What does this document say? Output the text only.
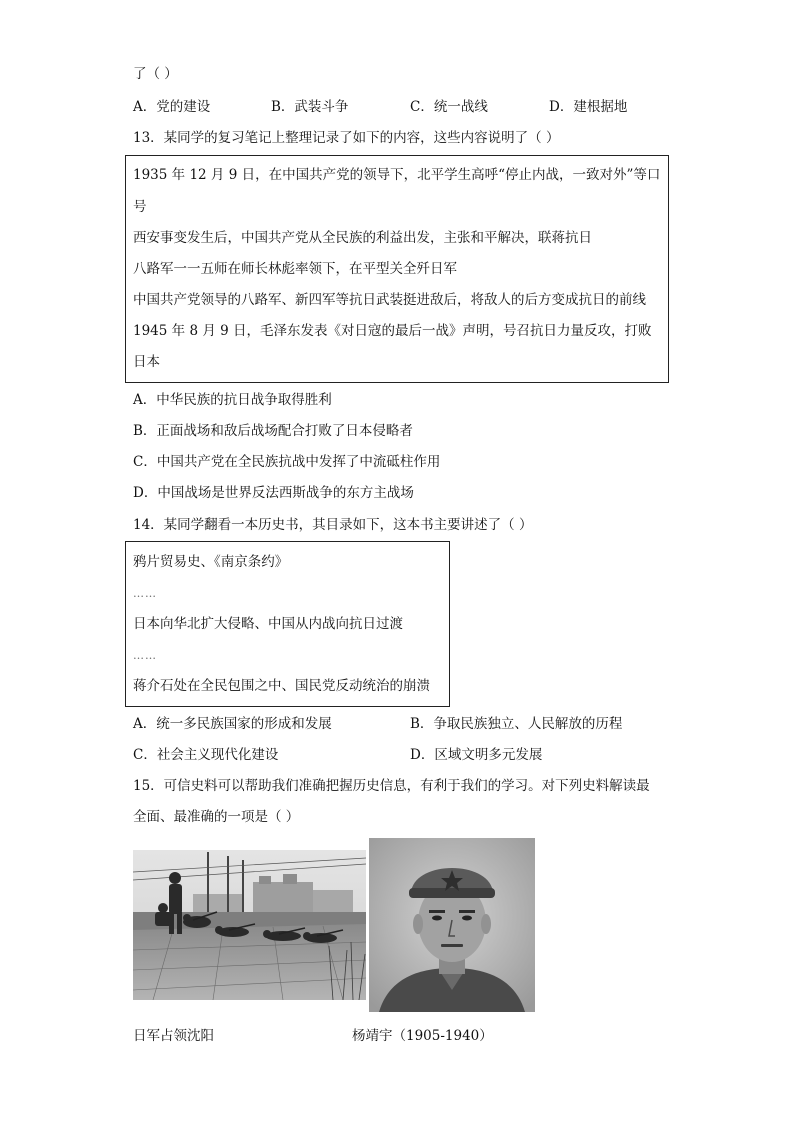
了（ ）
A．党的建设	B．武装斗争	C．统一战线	D．建根据地
13．某同学的复习笔记上整理记录了如下的内容，这些内容说明了（ ）
1935 年 12 月 9 日，在中国共产党的领导下，北平学生高呼“停止内战，一致对外”等口
号
西安事变发生后，中国共产党从全民族的利益出发，主张和平解决，联蒋抗日
八路军一一五师在师长林彪率领下，在平型关全歼日军
中国共产党领导的八路军、新四军等抗日武装挺进敌后，将敌人的后方变成抗日的前线
1945 年 8 月 9 日，毛泽东发表《对日寇的最后一战》声明，号召抗日力量反攻，打败
日本
A．中华民族的抗日战争取得胜利
B．正面战场和敌后战场配合打败了日本侵略者
C．中国共产党在全民族抗战中发挥了中流砥柱作用
D．中国战场是世界反法西斯战争的东方主战场
14．某同学翻看一本历史书，其目录如下，这本书主要讲述了（ ）
鸦片贸易史、《南京条约》
……
日本向华北扩大侵略、中国从内战向抗日过渡
……
蒋介石处在全民包围之中、国民党反动统治的崩溃
A．统一多民族国家的形成和发展	B．争取民族独立、人民解放的历程
C．社会主义现代化建设	D．区域文明多元发展
15．可信史料可以帮助我们准确把握历史信息，有利于我们的学习。对下列史料解读最
全面、最准确的一项是（ ）
日军占领沈阳	杨靖宇（1905-1940）
